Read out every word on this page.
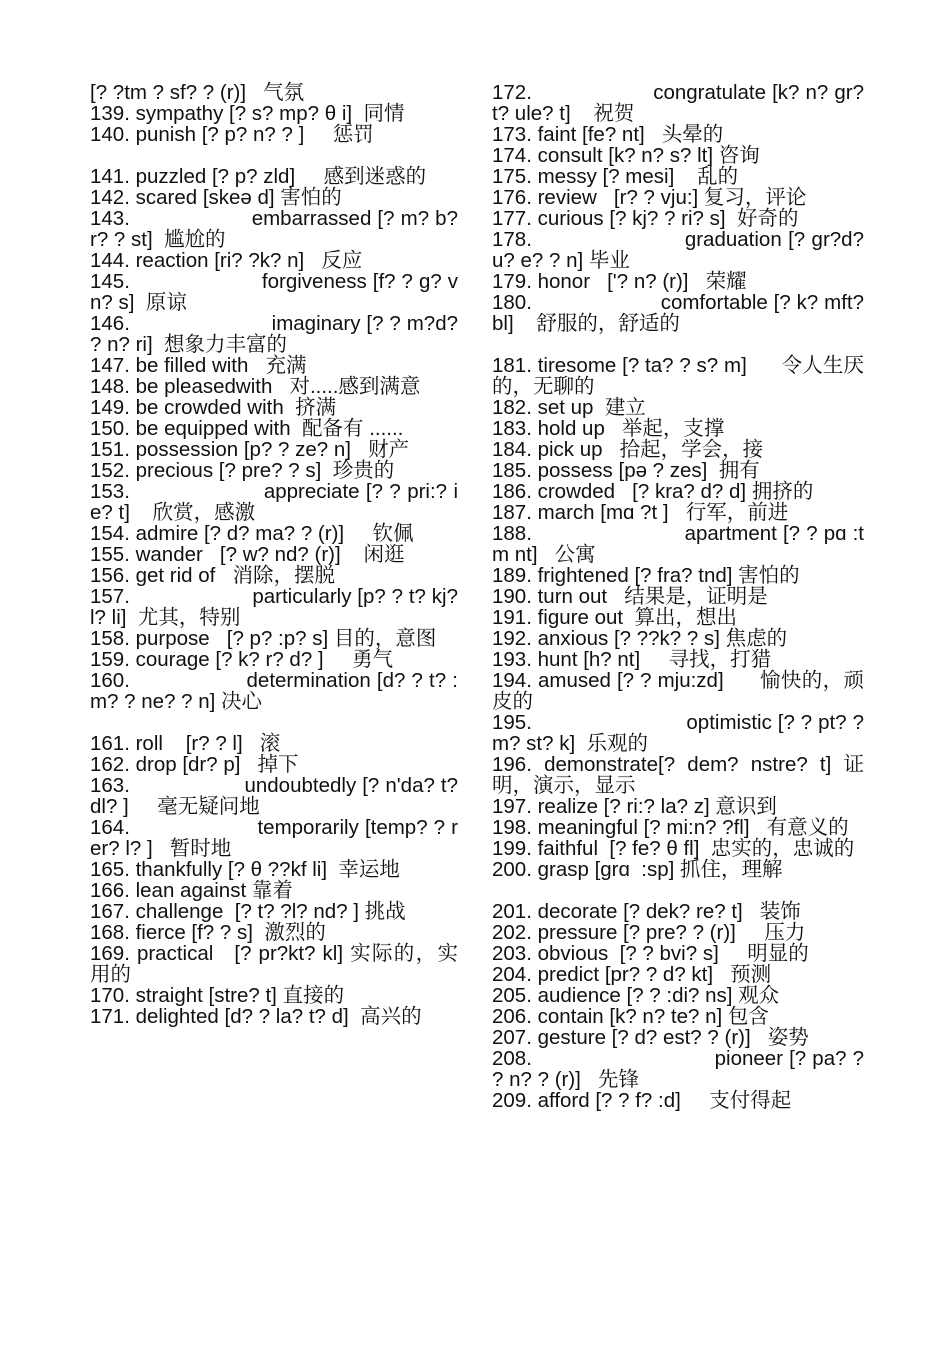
[? ?tm ? sf? ? (r)]   气氛
139. sympathy [? s? mp? θ i]  同情
140. punish [? p? n? ? ]     惩罚
141. puzzled [? p? zld]     感到迷惑的
142. scared [skeə d] 害怕的
143.                    embarrassed [? m? b?r? ? st]  尴尬的
144. reaction [ri? ?k? n]   反应
145.                      forgiveness [f? ? g? vn? s]  原谅
146.                        imaginary [? ? m?d? ? n? ri]  想象力丰富的
147. be filled with   充满
148. be pleasedwith   对.....感到满意
149. be crowded with  挤满
150. be equipped with  配备有 ......
151. possession [p? ? ze? n]   财产
152. precious [? pre? ? s]  珍贵的
153.                     appreciate [? ? pri:? ie? t]    欣赏，感激
154. admire [? d? ma? ? (r)]     钦佩
155. wander   [? w? nd? (r)]    闲逛
156. get rid of   消除，摆脱
157.                     particularly [p? ? t? kj? l? li]  尤其，特别
158. purpose   [? p? :p? s] 目的，意图
159. courage [? k? r? d? ]     勇气
160.                   determination [d? ? t? :m? ? ne? ? n] 决心
161. roll    [r? ? l]   滚
162. drop [dr? p]   掉下
163.                   undoubtedly [? n'da? t? dl? ]     毫无疑问地
164.                     temporarily [temp? ? rer? l? ]   暂时地
165. thankfully [? θ ??kf li]  幸运地
166. lean against 靠着
167. challenge  [? t? ?l? nd? ] 挑战
168. fierce [f? ? s]  激烈的
169. practical   [? pr?kt? kl] 实际的，实用的
170. straight [stre? t] 直接的
171. delighted [d? ? la? t? d]  高兴的
172.                    congratulate [k? n? gr?t? ule? t]    祝贺
173. faint [fe? nt]   头晕的
174. consult [k? n? s? lt] 咨询
175. messy [? mesi]    乱的
176. review   [r? ? vju:] 复习，评论
177. curious [? kj? ? ri? s]  好奇的
178.                        graduation [? gr?d? u? e? ? n] 毕业
179. honor   ['? n? (r)]   荣耀
180.                      comfortable [? k? mft? bl]    舒服的，舒适的
181. tiresome [? ta? ? s? m]      令人生厌的，无聊的
182. set up  建立
183. hold up   举起，支撑
184. pick up   拾起，学会，接
185. possess [pə ? zes]  拥有
186. crowded   [? kra? d? d] 拥挤的
187. march [mɑ ?t ]   行军，前进
188.                         apartment [? ? pɑ :tm nt]   公寓
189. frightened [? fra? tnd] 害怕的
190. turn out   结果是，证明是
191. figure out  算出，想出
192. anxious [? ??k? ? s] 焦虑的
193. hunt [h? nt]     寻找，打猎
194. amused [? ? mju:zd]      愉快的，顽皮的
195.                          optimistic [? ? pt? ? m? st? k]  乐观的
196. demonstrate[? dem? nstre? t] 证明，演示，显示
197. realize [? ri:? la? z] 意识到
198. meaningful [? mi:n? ?fl]   有意义的
199. faithful  [? fe? θ fl]  忠实的，忠诚的
200. grasp [grɑ  :sp] 抓住，理解
201. decorate [? dek? re? t]   装饰
202. pressure [? pre? ? (r)]     压力
203. obvious  [? ? bvi? s]     明显的
204. predict [pr? ? d? kt]   预测
205. audience [? ? :di? ns] 观众
206. contain [k? n? te? n] 包含
207. gesture [? d? est? ? (r)]   姿势
208.                              pioneer [? pa? ? ? n? ? (r)]   先锋
209. afford [? ? f? :d]     支付得起
